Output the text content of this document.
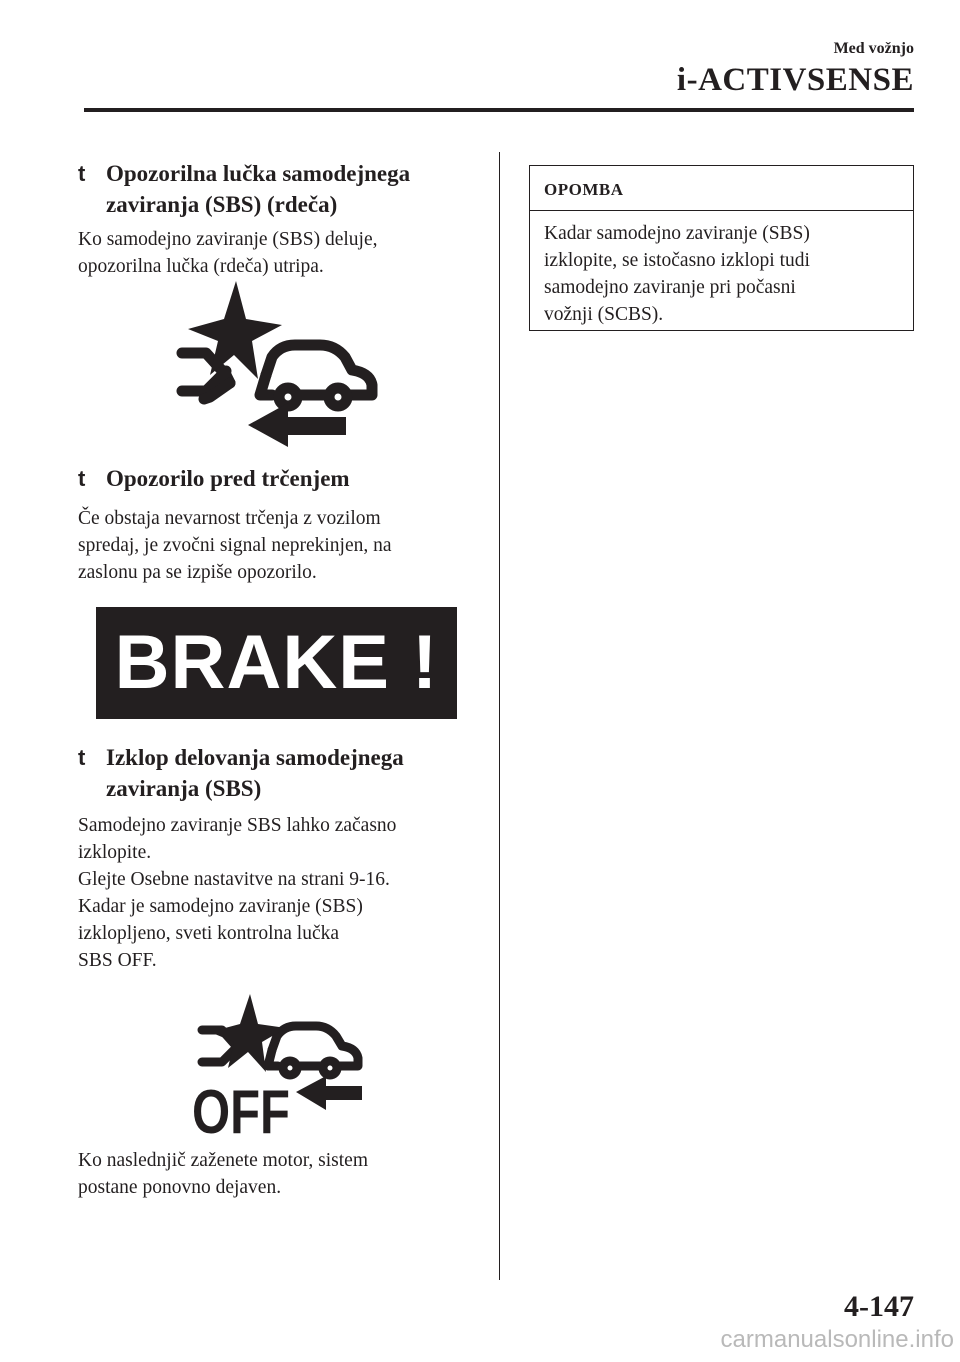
Med vožnjo
i-ACTIVSENSE
t Opozorilna lučka samodejnega
zaviranja (SBS) (rdeča)
Ko samodejno zaviranje (SBS) deluje,
opozorilna lučka (rdeča) utripa.
t Opozorilo pred trčenjem
Če obstaja nevarnost trčenja z vozilom
spredaj, je zvočni signal neprekinjen, na
zaslonu pa se izpiše opozorilo.
BRAKE !
t Izklop delovanja samodejnega
zaviranja (SBS)
Samodejno zaviranje SBS lahko začasno
izklopite.
Glejte Osebne nastavitve na strani 9-16.
Kadar je samodejno zaviranje (SBS)
izklopljeno, sveti kontrolna lučka
SBS OFF.
OFF
Ko naslednjič zaženete motor, sistem
postane ponovno dejaven.
OPOMBA
Kadar samodejno zaviranje (SBS)
izklopite, se istočasno izklopi tudi
samodejno zaviranje pri počasni
vožnji (SCBS).
4-147
carmanualsonline.info
